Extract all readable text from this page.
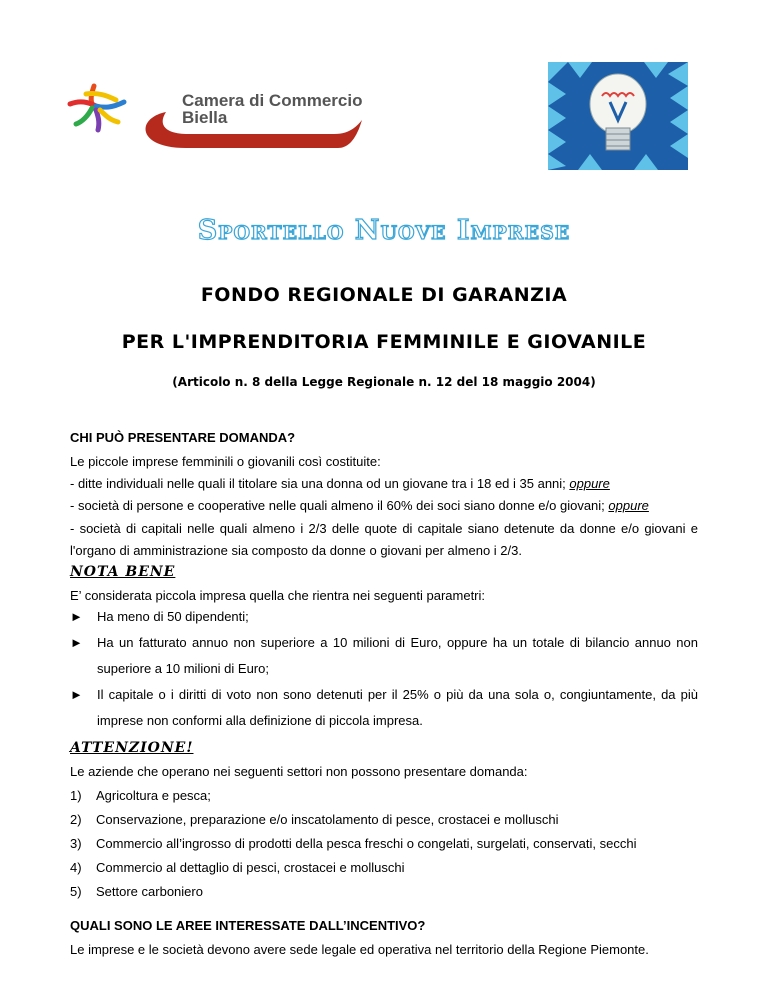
Camera di Commercio
Biella
Sportello Nuove Imprese
FONDO REGIONALE DI GARANZIA
PER L'IMPRENDITORIA FEMMINILE E GIOVANILE
(Articolo n. 8 della Legge Regionale n. 12 del 18 maggio 2004)
CHI PUÒ PRESENTARE DOMANDA?
Le piccole imprese femminili o giovanili così costituite:
- ditte individuali nelle quali il titolare sia una donna od un giovane tra i 18 ed i 35 anni; oppure
- società di persone e cooperative nelle quali almeno il 60% dei soci siano donne e/o giovani; oppure
- società di capitali nelle quali almeno i 2/3 delle quote di capitale siano detenute da donne e/o giovani e l'organo di amministrazione sia composto da donne o giovani per almeno i 2/3.
NOTA BENE
E’ considerata piccola impresa quella che rientra nei seguenti parametri:
► Ha meno di 50 dipendenti;
► Ha un fatturato annuo non superiore a 10 milioni di Euro, oppure ha un totale di bilancio annuo non superiore a 10 milioni di Euro;
► Il capitale o i diritti di voto non sono detenuti per il 25% o più da una sola o, congiuntamente, da più imprese non conformi alla definizione di piccola impresa.
ATTENZIONE!
Le aziende che operano nei seguenti settori non possono presentare domanda:
1) Agricoltura e pesca;
2) Conservazione, preparazione e/o inscatolamento di pesce, crostacei e molluschi
3) Commercio all’ingrosso di prodotti della pesca freschi o congelati, surgelati, conservati, secchi
4) Commercio al dettaglio di pesci, crostacei e molluschi
5) Settore carboniero
QUALI SONO LE AREE INTERESSATE DALL’INCENTIVO?
Le imprese e le società devono avere sede legale ed operativa nel territorio della Regione Piemonte.
